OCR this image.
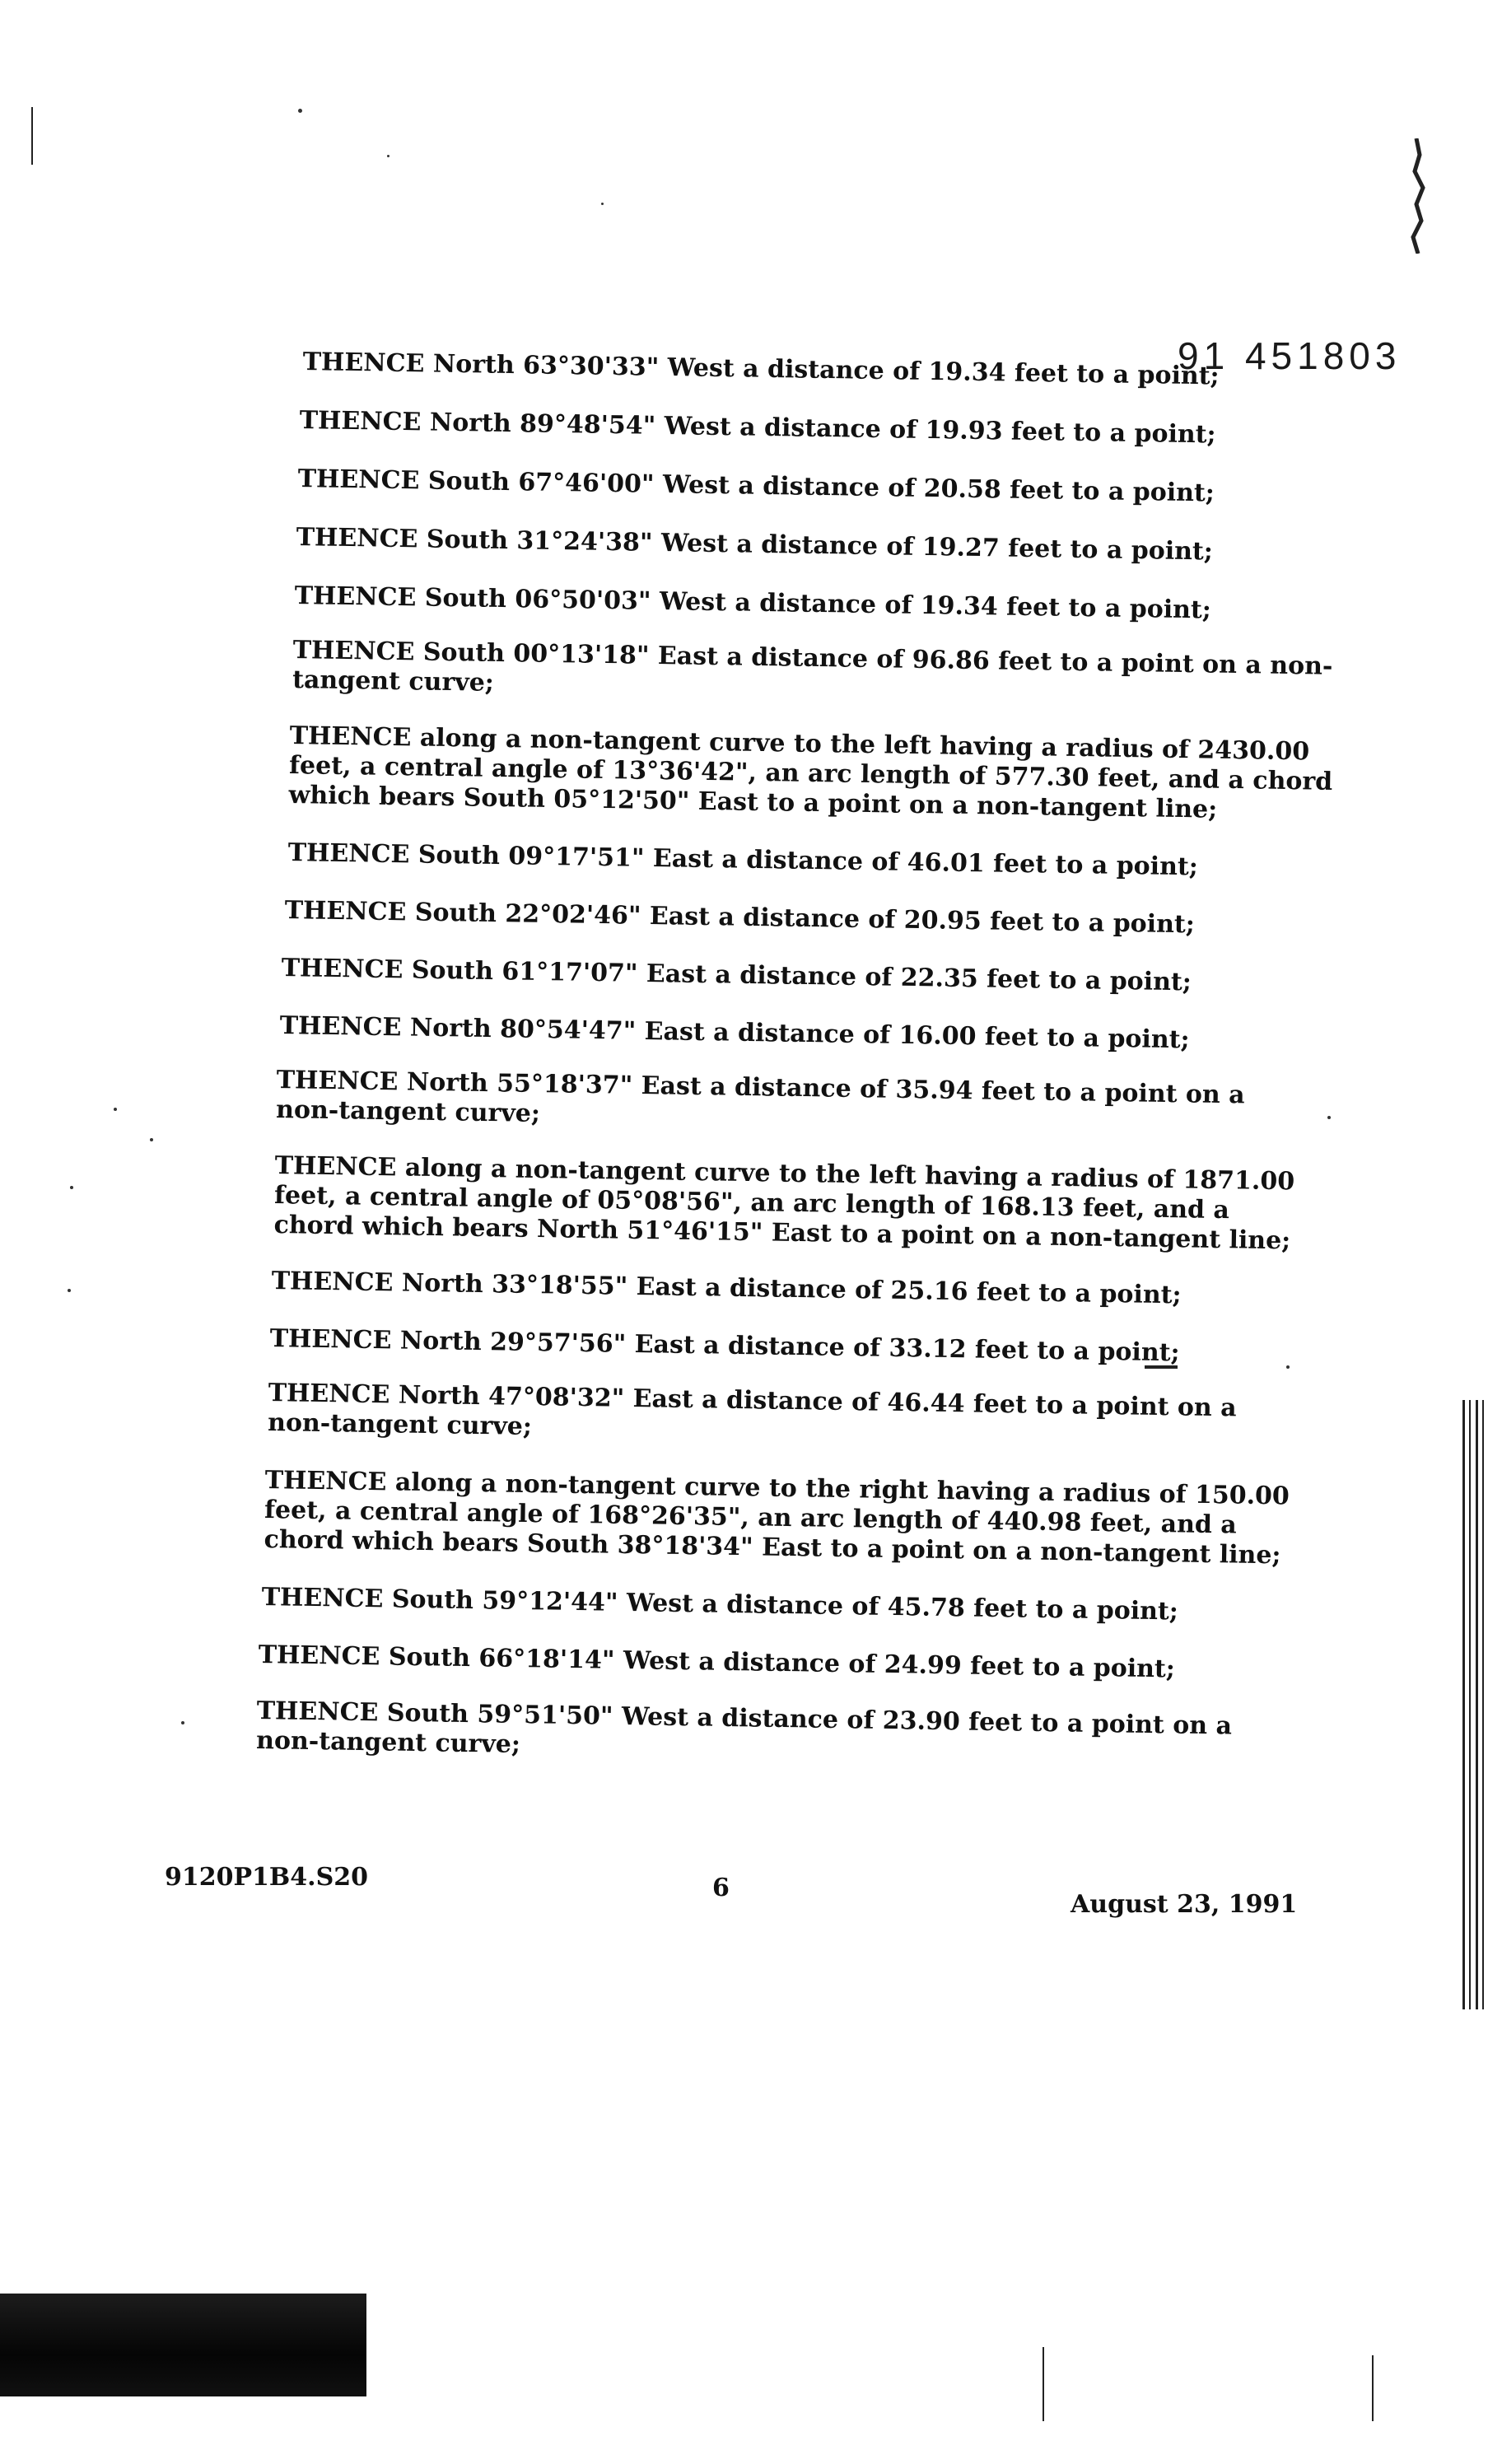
91 451803
THENCE North 63°30'33" West a distance of 19.34 feet to a point;
THENCE North 89°48'54" West a distance of 19.93 feet to a point;
THENCE South 67°46'00" West a distance of 20.58 feet to a point;
THENCE South 31°24'38" West a distance of 19.27 feet to a point;
THENCE South 06°50'03" West a distance of 19.34 feet to a point;
THENCE South 00°13'18" East a distance of 96.86 feet to a point on a non-tangent curve;
THENCE along a non-tangent curve to the left having a radius of 2430.00 feet, a central angle of 13°36'42", an arc length of 577.30 feet, and a chord which bears South 05°12'50" East to a point on a non-tangent line;
THENCE South 09°17'51" East a distance of 46.01 feet to a point;
THENCE South 22°02'46" East a distance of 20.95 feet to a point;
THENCE South 61°17'07" East a distance of 22.35 feet to a point;
THENCE North 80°54'47" East a distance of 16.00 feet to a point;
THENCE North 55°18'37" East a distance of 35.94 feet to a point on a non-tangent curve;
THENCE along a non-tangent curve to the left having a radius of 1871.00 feet, a central angle of 05°08'56", an arc length of 168.13 feet, and a chord which bears North 51°46'15" East to a point on a non-tangent line;
THENCE North 33°18'55" East a distance of 25.16 feet to a point;
THENCE North 29°57'56" East a distance of 33.12 feet to a point;
THENCE North 47°08'32" East a distance of 46.44 feet to a point on a non-tangent curve;
THENCE along a non-tangent curve to the right having a radius of 150.00 feet, a central angle of 168°26'35", an arc length of 440.98 feet, and a chord which bears South 38°18'34" East to a point on a non-tangent line;
THENCE South 59°12'44" West a distance of 45.78 feet to a point;
THENCE South 66°18'14" West a distance of 24.99 feet to a point;
THENCE South 59°51'50" West a distance of 23.90 feet to a point on a non-tangent curve;
9120P1B4.S20	6
August 23, 1991
